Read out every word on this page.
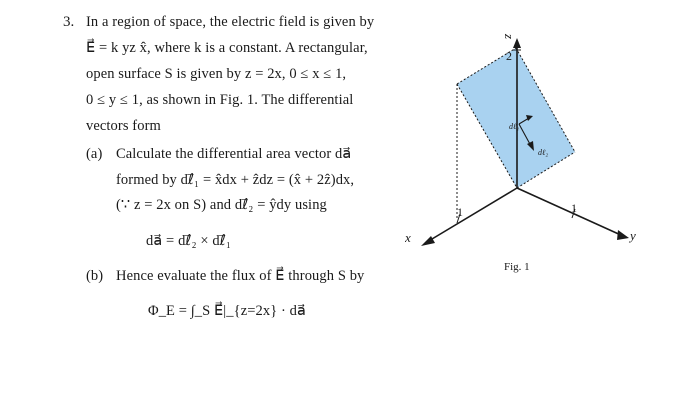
3. In a region of space, the electric field is given by
E⃗ = k yz x̂, where k is a constant. A rectangular,
open surface S is given by z = 2x, 0 ≤ x ≤ 1,
0 ≤ y ≤ 1, as shown in Fig. 1. The differential
vectors form
(a) Calculate the differential area vector da⃗
formed by dℓ⃗₁ = x̂dx + ẑdz = (x̂ + 2ẑ)dx,
(∵ z = 2x on S) and dℓ⃗₂ = ŷdy using
da⃗ = dℓ⃗₂ × dℓ⃗₁
(b) Hence evaluate the flux of E⃗ through S by
Φ_E = ∫_S E⃗|_{z=2x} · da⃗
z
2
x
1
y
1
dℓ₁
dℓ₂
Fig. 1
